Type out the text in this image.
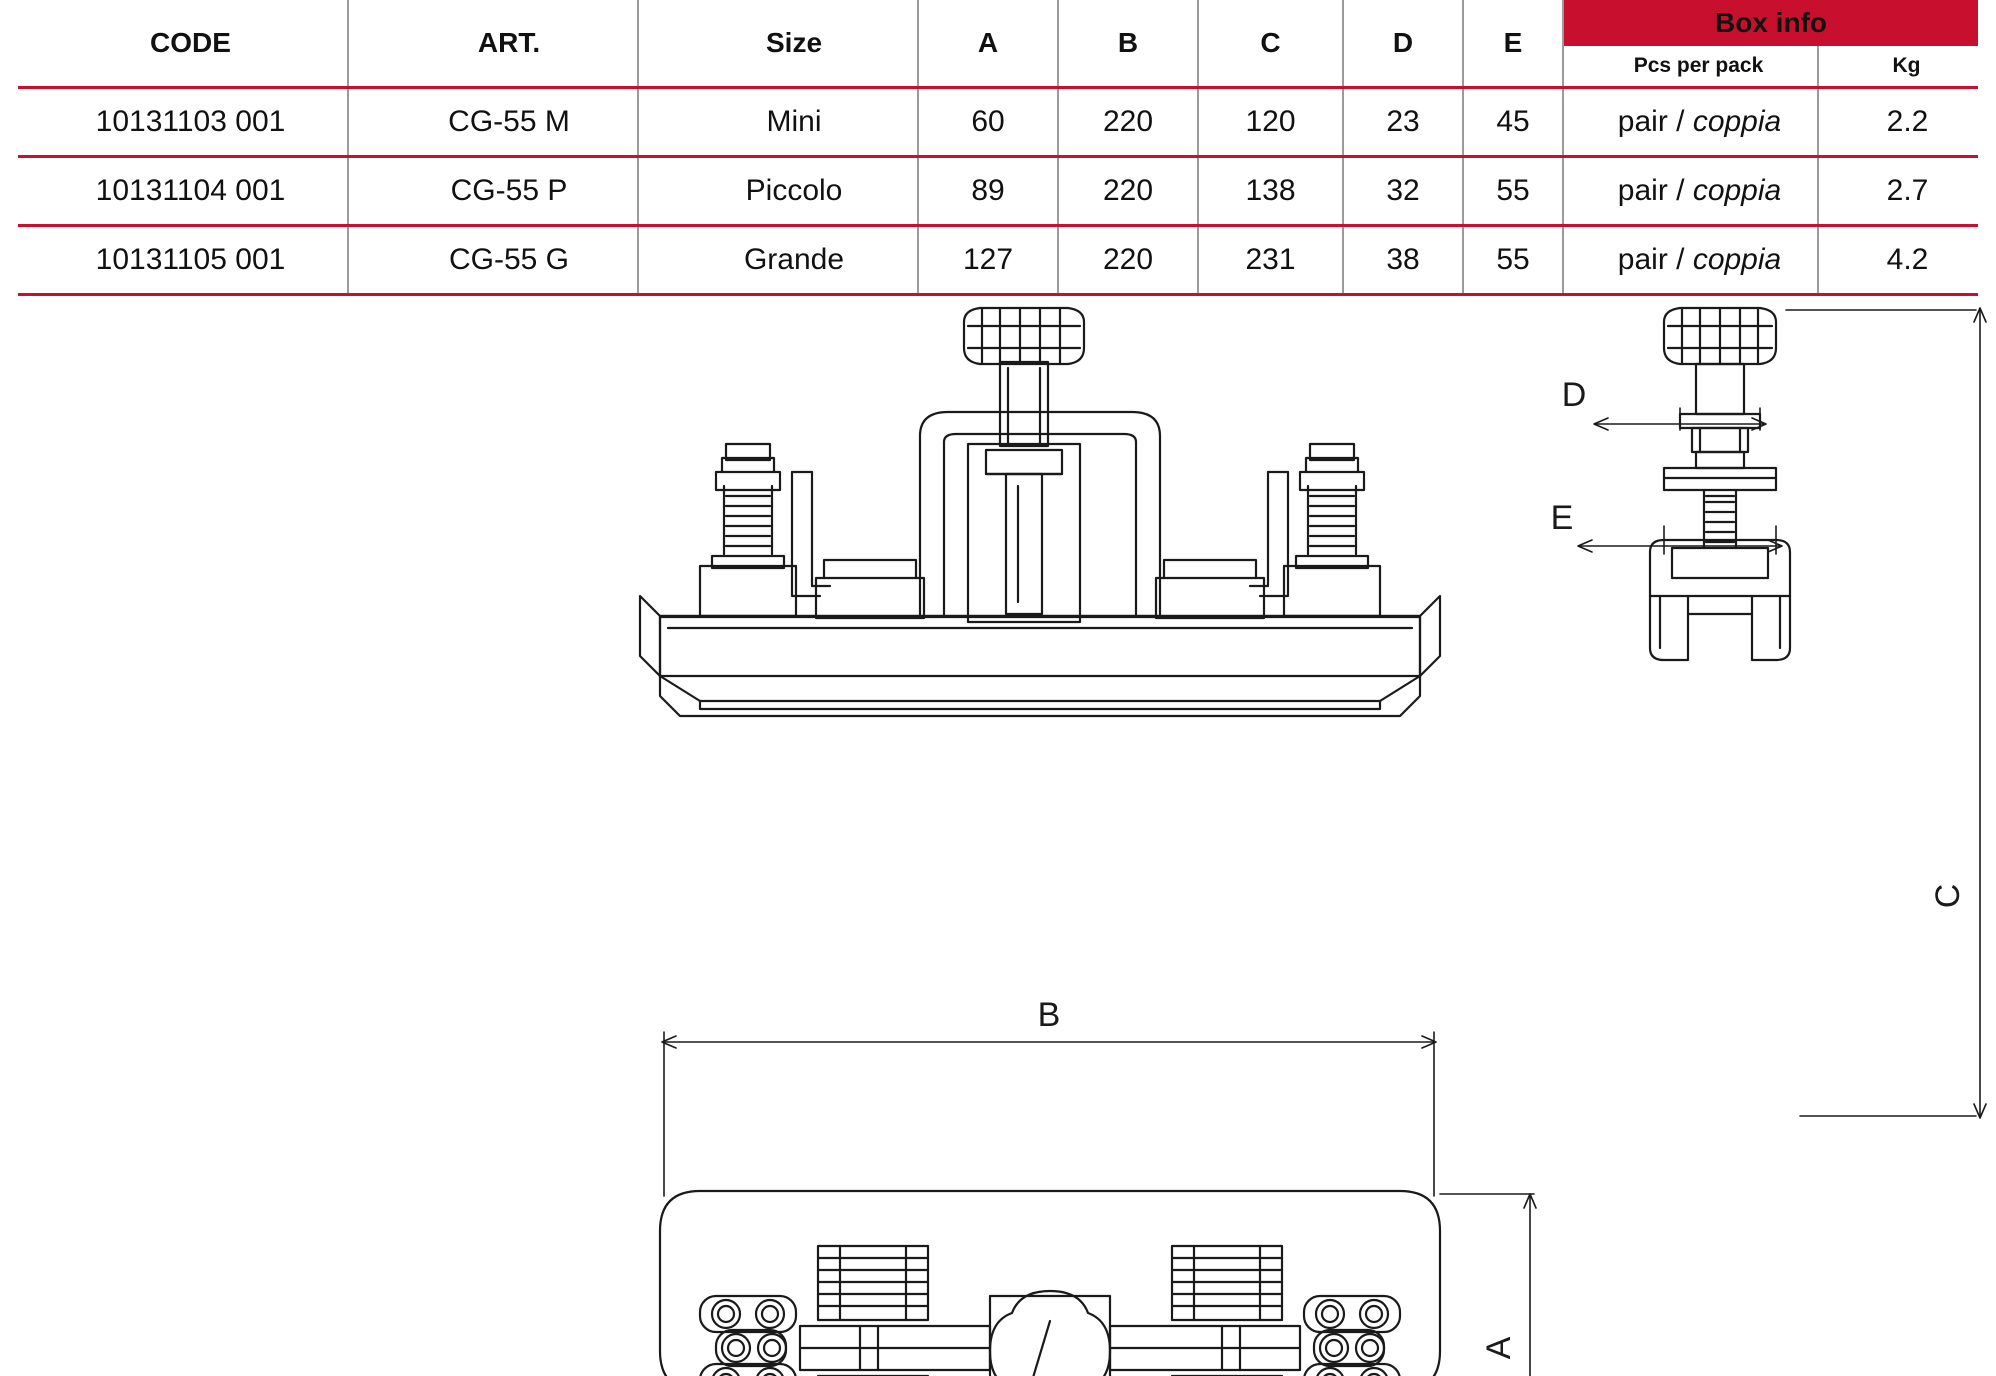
CODE	ART.	Size	A	B	C	D	E	Box info	
								Pcs per pack	Kg
10131103 001	CG-55 M	Mini	60	220	120	23	45	pair / coppia	2.2
10131104 001	CG-55 P	Piccolo	89	220	138	32	55	pair / coppia	2.7
10131105 001	CG-55 G	Grande	127	220	231	38	55	pair / coppia	4.2
C
D
E
B
A
